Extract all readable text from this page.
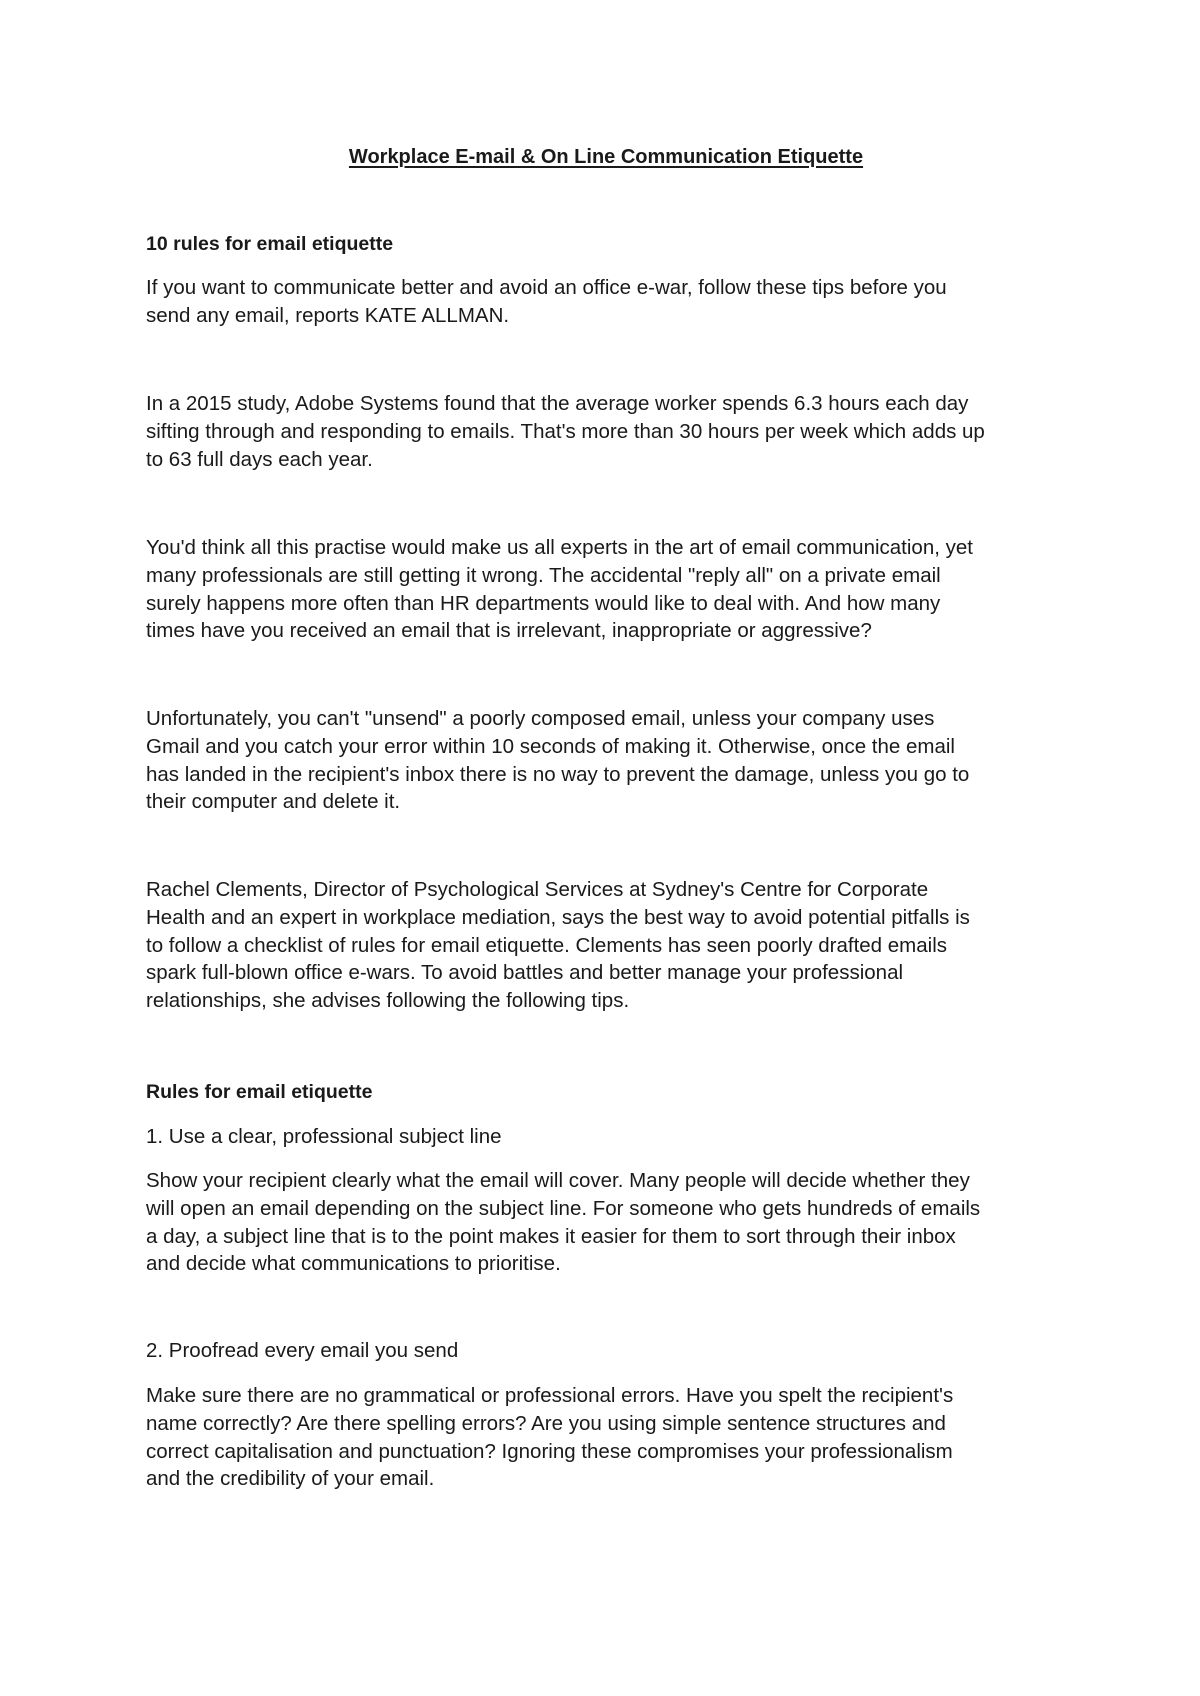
Workplace E-mail & On Line Communication Etiquette
10 rules for email etiquette
If you want to communicate better and avoid an office e-war, follow these tips before you
send any email, reports KATE ALLMAN.
In a 2015 study, Adobe Systems found that the average worker spends 6.3 hours each day
sifting through and responding to emails. That's more than 30 hours per week which adds up
to 63 full days each year.
You'd think all this practise would make us all experts in the art of email communication, yet
many professionals are still getting it wrong. The accidental "reply all" on a private email
surely happens more often than HR departments would like to deal with. And how many
times have you received an email that is irrelevant, inappropriate or aggressive?
Unfortunately, you can't "unsend" a poorly composed email, unless your company uses
Gmail and you catch your error within 10 seconds of making it. Otherwise, once the email
has landed in the recipient's inbox there is no way to prevent the damage, unless you go to
their computer and delete it.
Rachel Clements, Director of Psychological Services at Sydney's Centre for Corporate
Health and an expert in workplace mediation, says the best way to avoid potential pitfalls is
to follow a checklist of rules for email etiquette. Clements has seen poorly drafted emails
spark full-blown office e-wars. To avoid battles and better manage your professional
relationships, she advises following the following tips.
Rules for email etiquette
1. Use a clear, professional subject line
Show your recipient clearly what the email will cover. Many people will decide whether they
will open an email depending on the subject line. For someone who gets hundreds of emails
a day, a subject line that is to the point makes it easier for them to sort through their inbox
and decide what communications to prioritise.
2. Proofread every email you send
Make sure there are no grammatical or professional errors. Have you spelt the recipient's
name correctly? Are there spelling errors? Are you using simple sentence structures and
correct capitalisation and punctuation? Ignoring these compromises your professionalism
and the credibility of your email.
